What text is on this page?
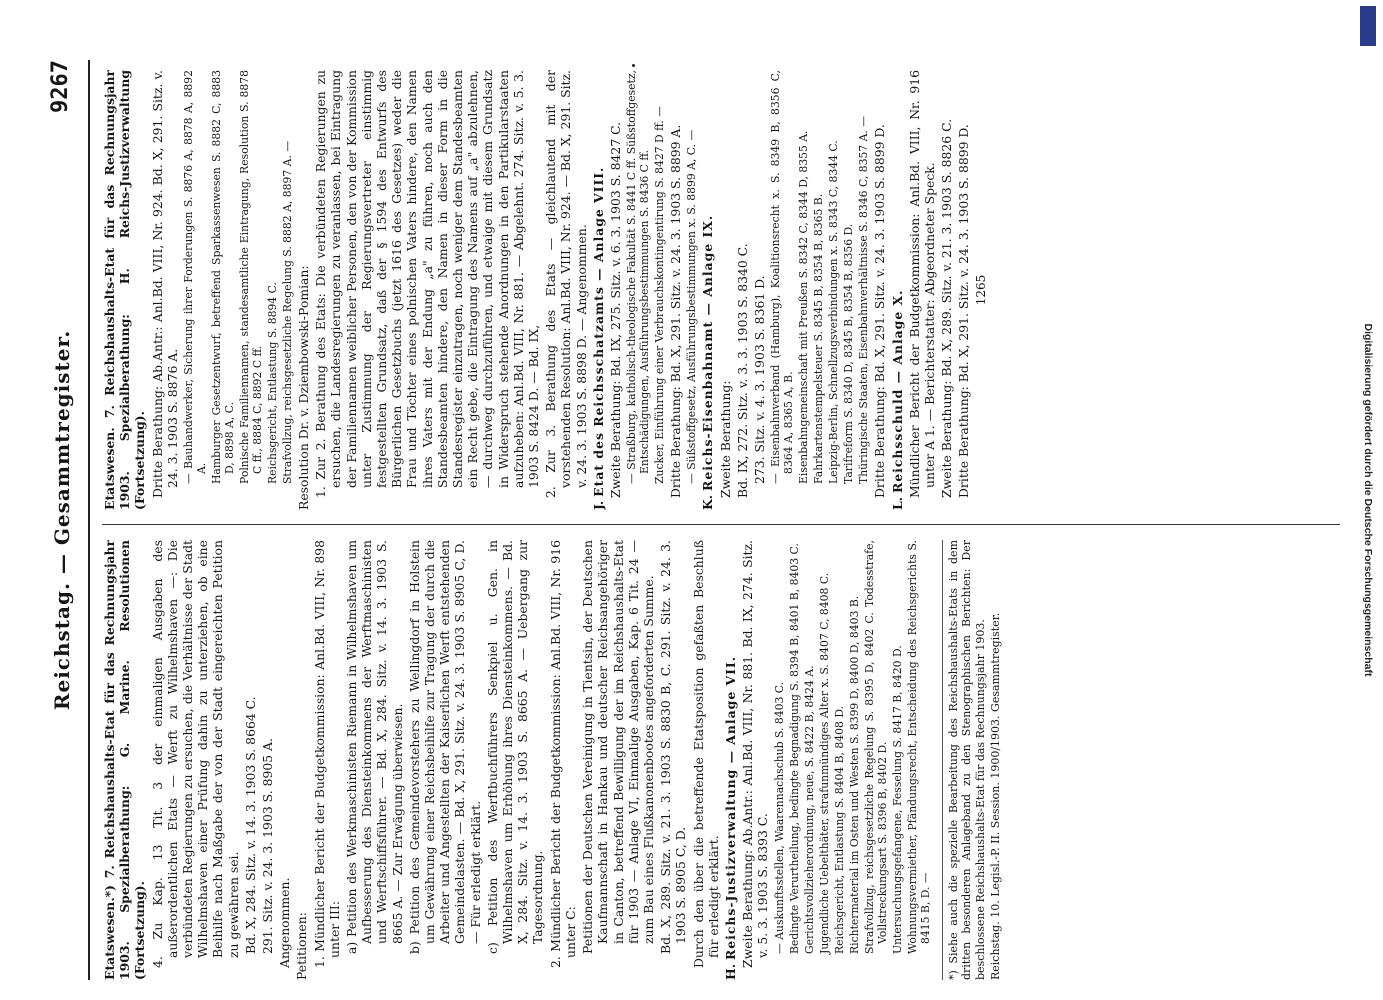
Reichstag. — Gesammtregister.
9267

Etatswesen.*) 7. Reichshaushalts-Etat für das Rechnungsjahr 1903. Spezialberathung: G. Marine. Resolutionen (Fortsetzung). 4. Zu Kap. 13 Tit. 3 der einmaligen Ausgaben des außerordentlichen Etats — Werft zu Wilhelmshaven —: Die verbündeten Regierungen zu ersuchen, die Verhältnisse der Stadt Wilhelmshaven einer Prüfung dahin zu unterziehen, ob eine Beihilfe nach Maßgabe der von der Stadt eingereichten Petition zu gewähren sei. Bd. X, 284. Sitz. v. 14. 3. 1903 S. 8664 C. 291. Sitz. v. 24. 3. 1903 S. 8905 A. Angenommen. Petitionen: 1. Mündlicher Bericht der Budgetkommission: Anl.Bd. VIII, Nr. 898 unter III: a) Petition des Werkmaschinisten Riemann in Wilhelmshaven um Aufbesserung des Diensteinkommens der Werftmaschinisten und Werftschiffsführer. — Bd. X, 284. Sitz. v. 14. 3. 1903 S. 8665 A. — Zur Erwägung überwiesen. b) Petition des Gemeindevorstehers zu Wellingdorf in Holstein um Gewährung einer Reichsbeihilfe zur Tragung der durch die Arbeiter und Angestellten der Kaiserlichen Werft entstehenden Gemeindelasten. — Bd. X, 291. Sitz. v. 24. 3. 1903 S. 8905 C, D. — Für erledigt erklärt. c) Petition des Werftbuchführers Senkpiel u. Gen. in Wilhelmshaven um Erhöhung ihres Diensteinkommens. — Bd. X, 284. Sitz. v. 14. 3. 1903 S. 8665 A. — Uebergang zur Tagesordnung. 2. Mündlicher Bericht der Budgetkommission: Anl.Bd. VIII, Nr. 916 unter C: Petitionen der Deutschen Vereinigung in Tientsin, der Deutschen Kaufmannschaft in Hankau und deutscher Reichsangehöriger in Canton, betreffend Bewilligung der im Reichshaushalts-Etat für 1903 — Anlage VI, Einmalige Ausgaben, Kap. 6 Tit. 24 — zum Bau eines Flußkanonenbootes angeforderten Summe. Bd. X, 289. Sitz. v. 21. 3. 1903 S. 8830 B, C. 291. Sitz. v. 24. 3. 1903 S. 8905 C, D. Durch den über die betreffende Etatsposition gefaßten Beschluß für erledigt erklärt.

H. Reichs-Justizverwaltung — Anlage VII. Zweite Berathung: Ab.Antr.: Anl.Bd. VIII, Nr. 881. Bd. IX, 274. Sitz. v. 5. 3. 1903 S. 8393 C. — Auskunftsstellen, Waarennachschub S. 8403 C. Bedingte Verurtheilung, bedingte Begnadigung S. 8394 B, 8401 B, 8403 C. Gerichtsvollzieherordnung, neue, S. 8422 B, 8424 A. Jugendliche Uebelthäter, strafunmündiges Alter x. S. 8407 C, 8408 C. Reichsgericht, Entlastung S. 8404 B, 8408 D. Richtermaterial im Osten und Westen S. 8399 D, 8400 D, 8403 B. Strafvollzug, reichsgesetzliche Regelung S. 8395 D, 8402 C. Todesstrafe, Vollstreckungsart S. 8396 B, 8402 D. Untersuchungsgefangene, Fesselung S. 8417 B, 8420 D. Wohnungsvermiether, Pfändungsrecht, Entscheidung des Reichsgerichts S. 8415 B, D. — *) Siehe auch die spezielle Bearbeitung des Reichshaushalts-Etats in dem dritten besonderen Anlageband zu den Stenographischen Berichten: Der beschlossene Reichshaushalts-Etat für das Rechnungsjahr 1903. Reichstag. 10. Legisl.-P. II. Session. 1900/1903. Gesammtregister.

Etatswesen. 7. Reichshaushalts-Etat für das Rechnungsjahr 1903. Spezialberathung: H. Reichs-Justizverwaltung (Fortsetzung). Dritte Berathung: Ab.Antr.: Anl.Bd. VIII, Nr. 924. Bd. X, 291. Sitz. v. 24. 3. 1903 S. 8876 A. — Bauhandwerker, Sicherung ihrer Forderungen S. 8876 A, 8878 A, 8892 A. Hamburger Gesetzentwurf, betreffend Sparkassenwesen S. 8882 C, 8883 D, 8898 A, C. Polnische Familiennamen, standesamtliche Eintragung, Resolution S. 8878 C ff., 8884 C, 8892 C ff. Reichsgericht, Entlastung S. 8894 C. Strafvollzug, reichsgesetzliche Regelung S. 8882 A, 8897 A. — Resolution Dr. v. Dziembowski-Pomian: 1. Zur 2. Berathung des Etats: Die verbündeten Regierungen zu ersuchen, die Landesregierungen zu veranlassen, bei Eintragung der Familiennamen weiblicher Personen, den von der Kommission unter Zustimmung der Regierungsvertreter einstimmig festgestellten Grundsatz, daß der § 1594 des Entwurfs des Bürgerlichen Gesetzbuchs (jetzt 1616 des Gesetzes) weder die Frau und Töchter eines polnischen Vaters hindere, den Namen ihres Vaters mit der Endung „a" zu führen, noch auch den Standesbeamten hindere, den Namen in dieser Form in die Standesregister einzutragen, noch weniger dem Standesbeamten ein Recht gebe, die Eintragung des Namens auf „a" abzulehnen, — durchweg durchzuführen, und etwaige mit diesem Grundsatz in Widerspruch stehende Anordnungen in den Partikularstaaten aufzuheben: Anl.Bd. VIII, Nr. 881. — Abgelehnt. 274. Sitz. v. 5. 3. 1903 S. 8424 D. — Bd. IX, 2. Zur 3. Berathung des Etats — gleichlautend mit der vorstehenden Resolution: Anl.Bd. VIII, Nr. 924. — Bd. X, 291. Sitz. v. 24. 3. 1903 S. 8898 D. — Angenommen.

J. Etat des Reichsschatzamts — Anlage VIII. Zweite Berathung: Bd. IX, 275. Sitz. v. 6. 3. 1903 S. 8427 C. — Straßburg, katholisch-theologische Fakultät S. 8441 C ff. Süßstoffgesetz, Entschädigungen, Ausführungsbestimmungen S. 8436 C ff. Zucker, Einführung einer Verbrauchskontingentirung S. 8427 D ff. — Dritte Berathung: Bd. X, 291. Sitz. v. 24. 3. 1903 S. 8899 A. — Süßstoffgesetz, Ausführungsbestimmungen x. S. 8899 A, C. —

K. Reichs-Eisenbahnamt — Anlage IX. Zweite Berathung: Bd. IX, 272. Sitz. v. 3. 3. 1903 S. 8340 C. 273. Sitz. v. 4. 3. 1903 S. 8361 D. — Eisenbahnverband (Hamburg), Koalitionsrecht x. S. 8349 B, 8356 C, 8364 A, 8365 A, B. Eisenbahngemeinschaft mit Preußen S. 8342 C, 8344 D, 8355 A. Fahrkartenstempelsteuer S. 8345 B, 8354 B, 8365 B. Leipzig-Berlin, Schnellzugsverbindungen x. S. 8343 C, 8344 C. Tarifreform S. 8340 D, 8345 B, 8354 B, 8356 D. Thüringische Staaten, Eisenbahnverhältnisse S. 8346 C, 8357 A. — Dritte Berathung: Bd. X, 291. Sitz. v. 24. 3. 1903 S. 8899 D.

L. Reichsschuld — Anlage X. Mündlicher Bericht der Budgetkommission: Anl.Bd. VIII, Nr. 916 unter A 1. — Berichterstatter: Abgeordneter Speck. Zweite Berathung: Bd. X, 289. Sitz. v. 21. 3. 1903 S. 8826 C. Dritte Berathung: Bd. X, 291. Sitz. v. 24. 3. 1903 S. 8899 D. 1265

DFG
Digitalisierung gefördert durch die Deutsche Forschungsgemeinschaft
